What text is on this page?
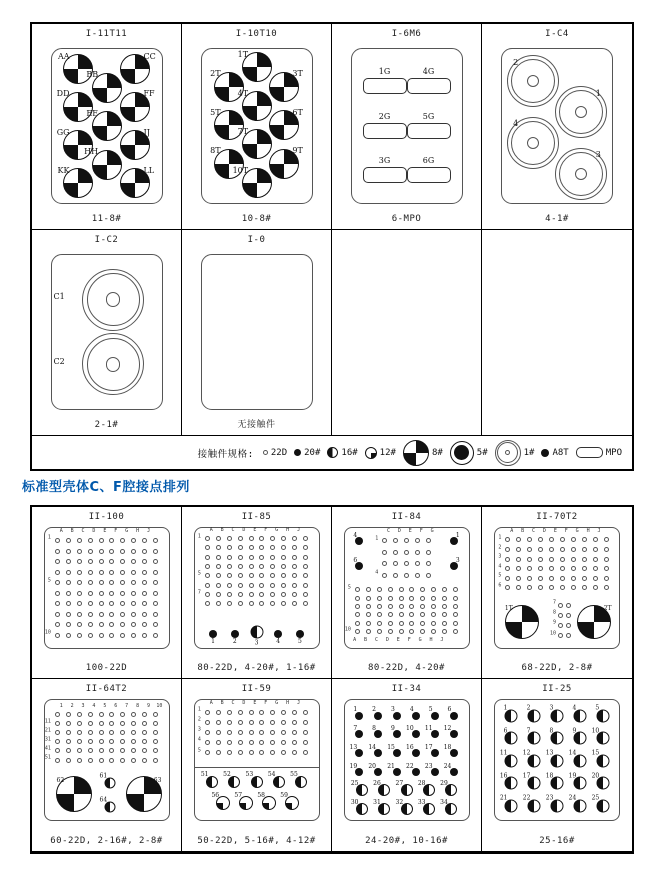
I-11T11
AA	CC
BB
DD	FF
EE
GG	JJ
HH
KK	LL
11-8#
I-10T10
1T
2T	3T
4T
5T	6T
7T
8T	9T
10T
10-8#
I-6M6
1G	4G
2G	5G
3G	6G
6-MPO
I-C4
2
1
4
3
4-1#
I-C2
C1
C2
2-1#
I-0
无接触件
接触件规格: 22D 20# 16# 12#	8#	5#	1# A8T	MPO
标准型壳体C、F腔接点排列
II-100
A B C D E F G H J
1
5
10
100-22D
II-85
A B C D E F G H J
1
5
7
1	2	3	4	5
80-22D, 4-20#, 1-16#
II-84
4	1
6	3
C D E F G
1
4
5
10
A B C D E F G H J
80-22D, 4-20#
II-70T2
A B C D E F G H J
1
2
3
4
5
6
7
8
9
10
1T	2T
68-22D, 2-8#
II-64T2
1 2 3 4 5 6 7 8 9 10
11
21
31
41
51
62
61
64
63
60-22D, 2-16#, 2-8#
II-59
A B C D E F G H J
1
2
3
4
5
51 52 53 54 55
56	57	58	59
50-22D, 5-16#, 4-12#
II-34
1	2	3	4	5	6
7	8	9 10 11 12
13 14 15 16 17 18
19 20 21 22 23 24
25 26 27 28 29
30 31 32 33 34
24-20#, 10-16#
II-25
1	2	3	4	5
6	7	8	9	10
11	12	13	14	15
16	17	18	19	20
21	22	23	24	25
25-16#
